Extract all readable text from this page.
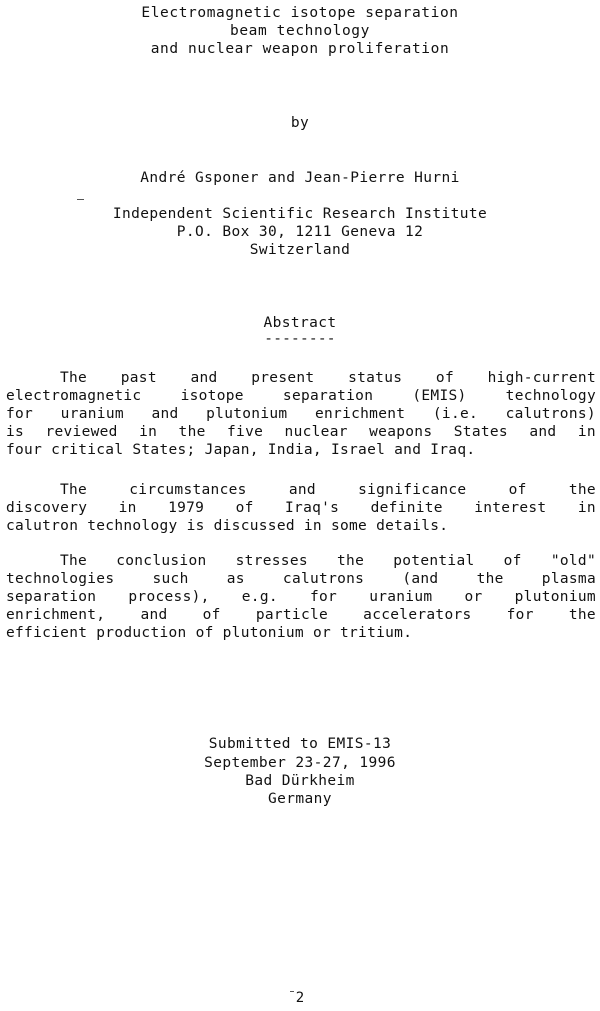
Electromagnetic isotope separation
beam technology
and nuclear weapon proliferation
by
André Gsponer and Jean-Pierre Hurni
Independent Scientific Research Institute
P.O. Box 30, 1211 Geneva 12
Switzerland
Abstract
--------
The past and present status of high-current
electromagnetic	isotope	separation	(EMIS)	technology
for uranium and plutonium enrichment (i.e. calutrons)
is reviewed in the five nuclear weapons States and in
four critical States; Japan, India, Israel and Iraq.
The	circumstances	and	significance	of	the
discovery in 1979 of Iraq's definite interest in
calutron technology is discussed in some details.
The conclusion stresses the potential of "old"
technologies	such	as	calutrons	(and	the	plasma
separation process), e.g. for uranium or plutonium
enrichment, and of particle accelerators for the
efficient production of plutonium or tritium.
Submitted to EMIS-13
September 23-27, 1996
Bad Dürkheim
Germany
2
